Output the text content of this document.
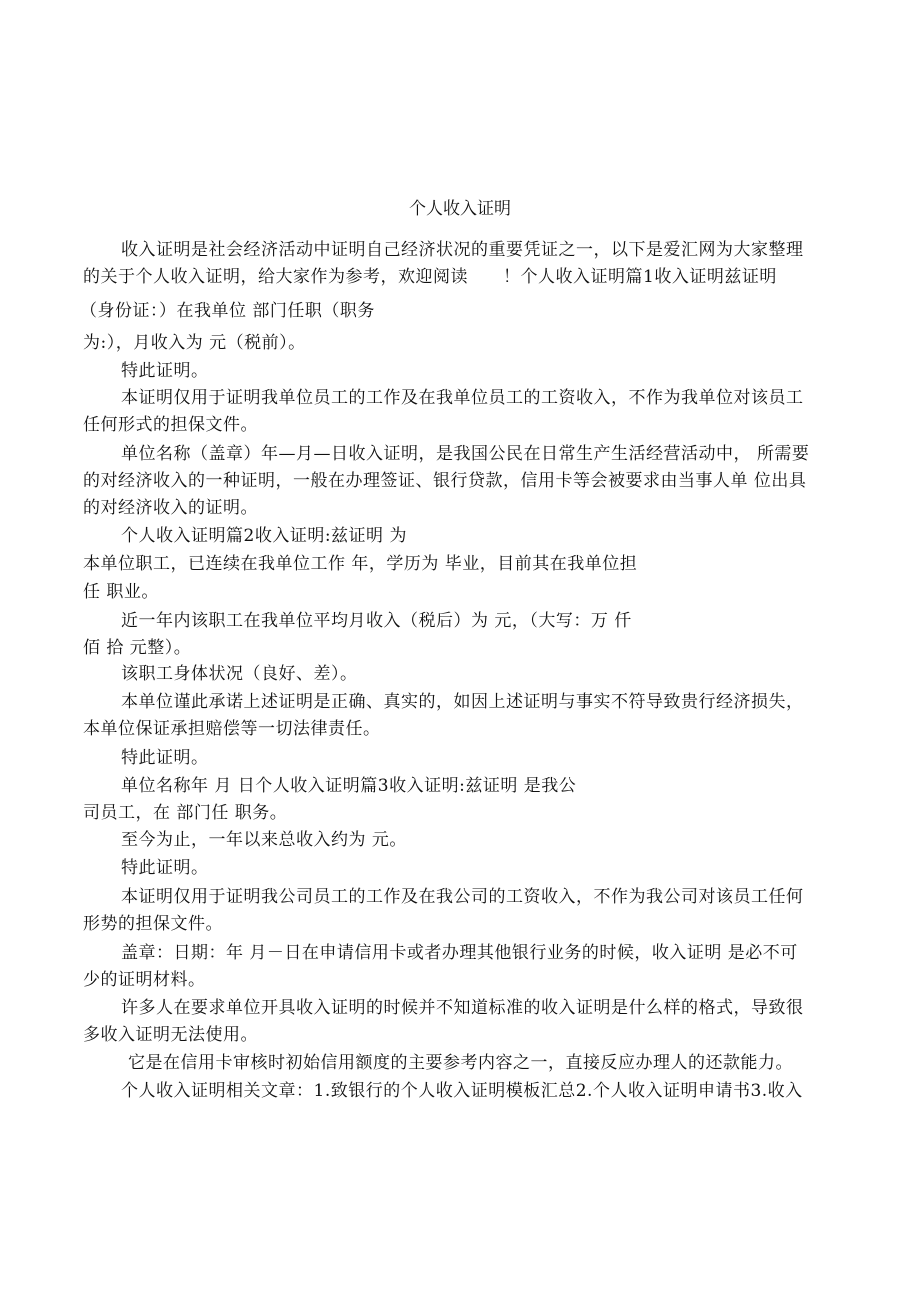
个人收入证明
收入证明是社会经济活动中证明自己经济状况的重要凭证之一，以下是爱汇网为大家整理
的关于个人收入证明，给大家作为参考，欢迎阅读　　！个人收入证明篇1收入证明兹证明
（身份证：）在我单位 部门任职（职务
为:），月收入为 元（税前）。
特此证明。
本证明仅用于证明我单位员工的工作及在我单位员工的工资收入，不作为我单位对该员工
任何形式的担保文件。
单位名称（盖章）年—月—日收入证明，是我国公民在日常生产生活经营活动中， 所需要
的对经济收入的一种证明，一般在办理签证、银行贷款，信用卡等会被要求由当事人单 位出具
的对经济收入的证明。
个人收入证明篇2收入证明:兹证明 为
本单位职工，已连续在我单位工作 年，学历为 毕业，目前其在我单位担
任 职业。
近一年内该职工在我单位平均月收入（税后）为 元，（大写：万 仟
佰 拾 元整）。
该职工身体状况（良好、差）。
本单位谨此承诺上述证明是正确、真实的，如因上述证明与事实不符导致贵行经济损失，
本单位保证承担赔偿等一切法律责任。
特此证明。
单位名称年 月 日个人收入证明篇3收入证明:兹证明 是我公
司员工，在 部门任 职务。
至今为止，一年以来总收入约为 元。
特此证明。
本证明仅用于证明我公司员工的工作及在我公司的工资收入，不作为我公司对该员工任何
形势的担保文件。
盖章：日期：年 月－日在申请信用卡或者办理其他银行业务的时候，收入证明 是必不可
少的证明材料。
许多人在要求单位开具收入证明的时候并不知道标准的收入证明是什么样的格式，导致很
多收入证明无法使用。
它是在信用卡审核时初始信用额度的主要参考内容之一，直接反应办理人的还款能力。
个人收入证明相关文章：1.致银行的个人收入证明模板汇总2.个人收入证明申请书3.收入
